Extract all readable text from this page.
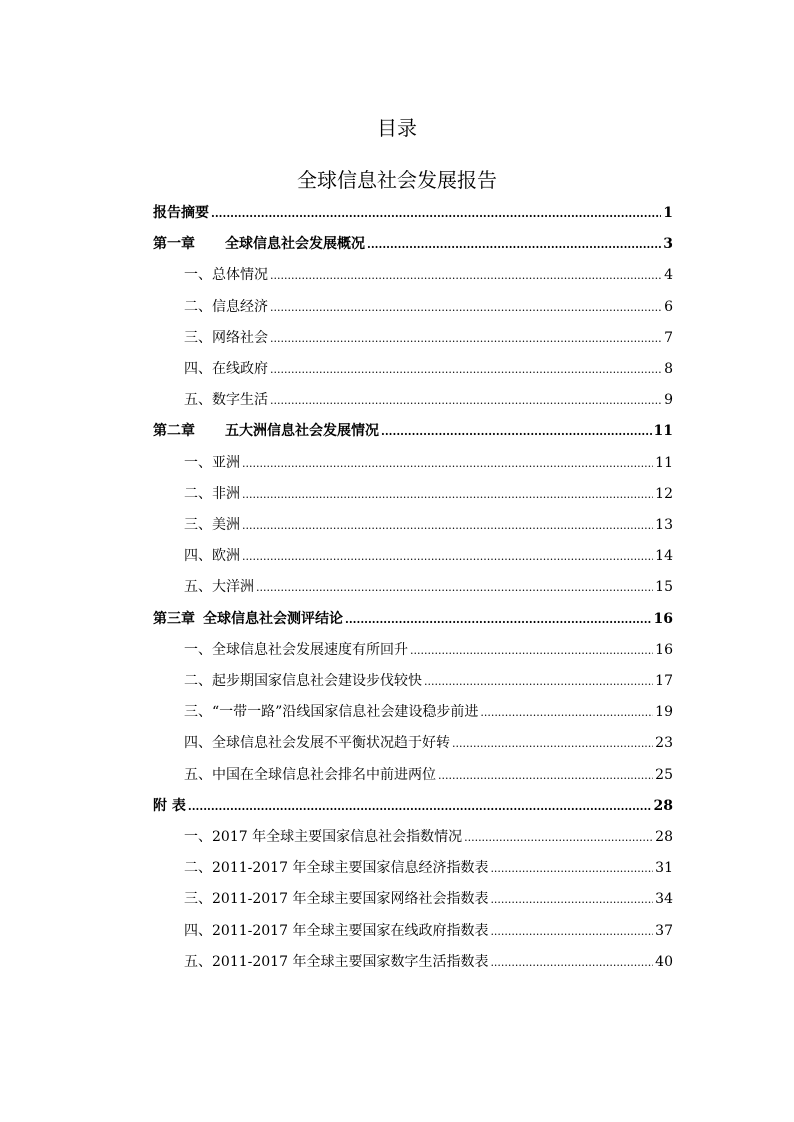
目录
全球信息社会发展报告
报告摘要 .....	1
第一章 全球信息社会发展概况 .....	3
一、总体情况 .....	4
二、信息经济 .....	6
三、网络社会 .....	7
四、在线政府 .....	8
五、数字生活 .....	9
第二章 五大洲信息社会发展情况 .....	11
一、亚洲 .....	11
二、非洲 .....	12
三、美洲 .....	13
四、欧洲 .....	14
五、大洋洲 .....	15
第三章 全球信息社会测评结论 .....	16
一、全球信息社会发展速度有所回升 .....	16
二、起步期国家信息社会建设步伐较快 .....	17
三、“一带一路”沿线国家信息社会建设稳步前进 .....	19
四、全球信息社会发展不平衡状况趋于好转 .....	23
五、中国在全球信息社会排名中前进两位 .....	25
附 表 .....	28
一、2017 年全球主要国家信息社会指数情况 .....	28
二、2011-2017 年全球主要国家信息经济指数表 .....	31
三、2011-2017 年全球主要国家网络社会指数表 .....	34
四、2011-2017 年全球主要国家在线政府指数表 .....	37
五、2011-2017 年全球主要国家数字生活指数表 .....	40
